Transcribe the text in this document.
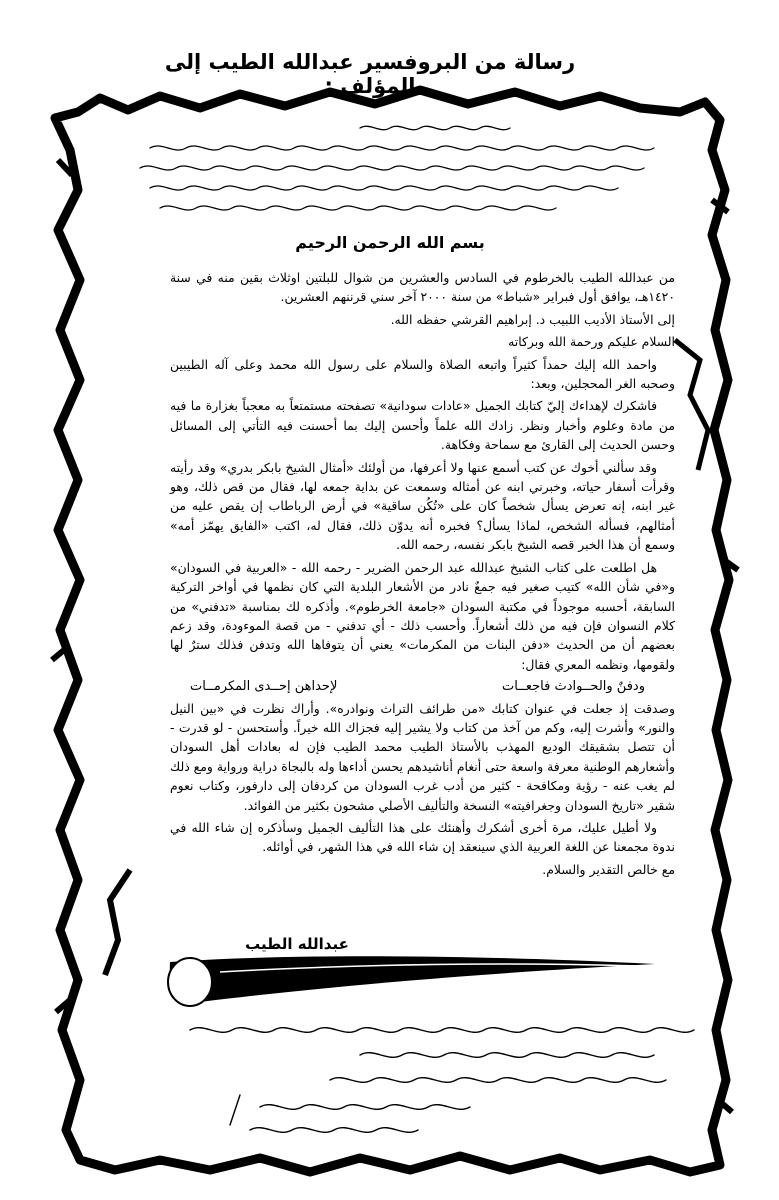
رسالة من البروفسير عبدالله الطيب إلى المؤلف :
بسم الله الرحمن الرحيم

من عبدالله الطيب بالخرطوم في السادس والعشرين من شوال للبلتين اوثلاث بقين منه في سنة ١٤٢٠هـ، يوافق أول فبراير «شباط» من سنة ٢٠٠٠ آخر سني قرننهم العشرين.

إلى الأستاذ الأديب اللبيب د. إبراهيم القرشي حفظه الله.

السلام عليكم ورحمة الله وبركاته

واحمد الله إليك حمداً كثيراً واتبعه الصلاة والسلام على رسول الله محمد وعلى آله الطيبين وصحبه الغر المحجلين، وبعد:

فاشكرك لإهداءك إليّ كتابك الجميل «عادات سودانية» تصفحته مستمتعاً به معجباً بغزارة ما فيه من مادة وعلوم وأخبار ونظر. زادك الله علماً وأحسن إليك بما أحسنت فيه التأتي إلى المسائل وحسن الحديث إلى القارئ مع سماحة وفكاهة.

وقد سألني أخوك عن كتب أسمع عنها ولا أعرفها، من أولئك «أمثال الشيخ بابكر بدري» وقد رأيته وقرأت أسفار حياته، وخبرني ابنه عن أمثاله وسمعت عن بداية جمعه لها، فقال من قص ذلك، وهو غير ابنه، إنه تعرض يسأل شخصاً كان على «تُكُن ساقية» في أرض الرباطاب إن يقص عليه من أمثالهم، فسأله الشخص، لماذا يسأل؟ فخبره أنه يدوّن ذلك، فقال له، اكتب «الفايق يهمّز أمه» وسمع أن هذا الخبر قصه الشيخ بابكر نفسه، رحمه الله.

هل اطلعت على كتاب الشيخ عبدالله عبد الرحمن الضرير - رحمه الله - «العربية في السودان» و«في شأن الله» كتيب صغير فيه جمعٌ نادر من الأشعار البلدية التي كان نظمها في أواخر التركية السابقة، أحسبه موجوداً في مكتبة السودان «جامعة الخرطوم». وأذكره لك بمناسبة «تدفني» من كلام النسوان فإن فيه من ذلك أشعاراً. وأحسب ذلك - أي تدفني - من قصة الموءودة، وقد زعم بعضهم أن من الحديث «دفن البنات من المكرمات» يعني أن يتوفاها الله وتدفن فذلك سترٌ لها ولقومها، ونظمه المعري فقال:

ودفنٌ والحــوادث فاجعــات
لإحداهن إحــدى المكرمــات

وصدقت إذ جعلت في عنوان كتابك «من طرائف التراث ونوادره». وأراك نظرت في «بين النيل والنور» وأشرت إليه، وكم من آخذ من كتاب ولا يشير إليه فجزاك الله خيراً. وأستحسن - لو قدرت - أن تتصل بشقيقك الوديع المهذب بالأستاذ الطيب محمد الطيب فإن له بعادات أهل السودان وأشعارهم الوطنية معرفة واسعة حتى أنغام أناشيدهم يحسن أداءها وله بالبجاة دراية ورواية ومع ذلك لم يغب عنه - رؤية ومكافحة - كثير من أدب غرب السودان من كردفان إلى دارفور، وكتاب نعوم شقير «تاريخ السودان وجغرافيته» النسخة والتأليف الأصلي مشحون بكثير من الفوائد.

ولا أطيل عليك، مرة أخرى أشكرك وأهنئك على هذا التأليف الجميل وسأذكره إن شاء الله في ندوة مجمعنا عن اللغة العربية الذي سينعقد إن شاء الله في هذا الشهر، في أوائله.

مع خالص التقدير والسلام.

عبدالله الطيب
